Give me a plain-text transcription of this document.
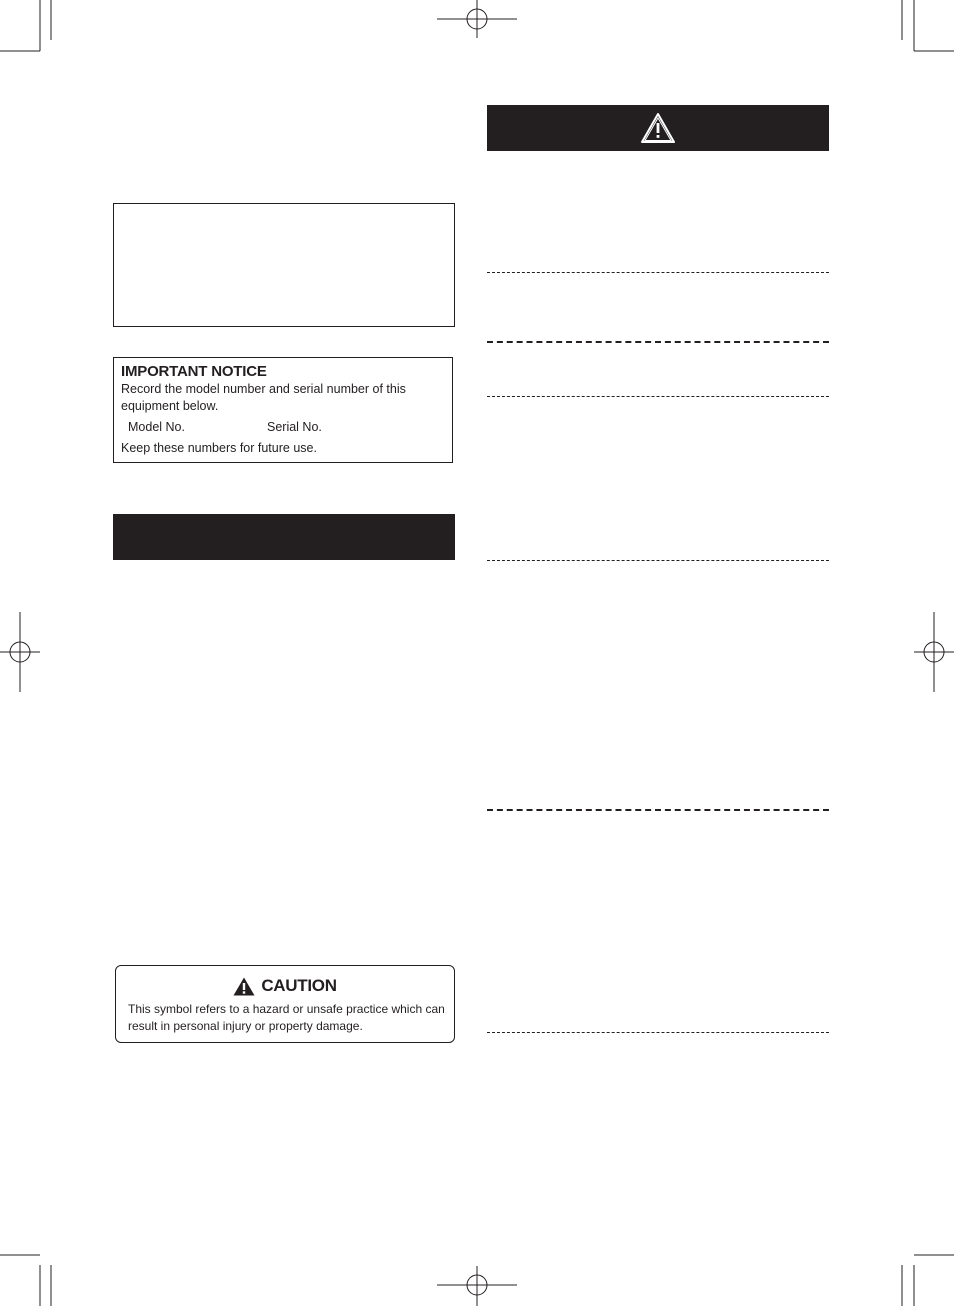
IMPORTANT NOTICE
Record the model number and serial number of this equipment below.
Model No.	Serial No.
Keep these numbers for future use.
CAUTION
This symbol refers to a hazard or unsafe practice which can result in personal injury or property damage.
